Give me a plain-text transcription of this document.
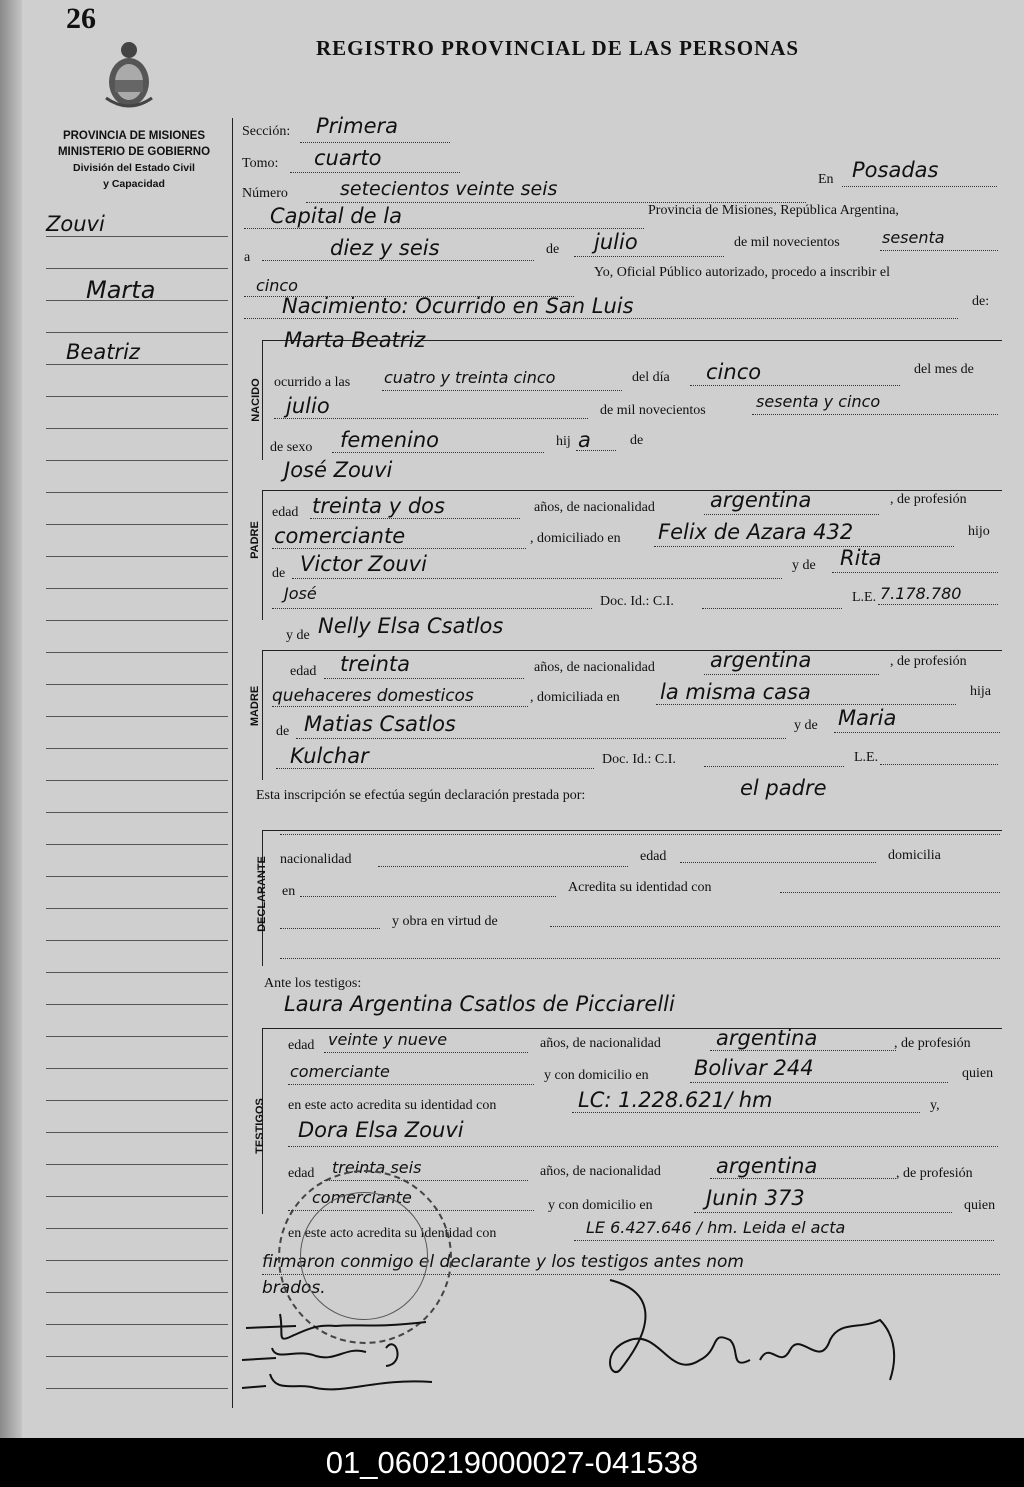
26
REGISTRO PROVINCIAL DE LAS PERSONAS
PROVINCIA DE MISIONES
MINISTERIO DE GOBIERNO
División del Estado Civil
y Capacidad
Zouvi
Marta
Beatriz
Sección: Primera
Tomo: cuarto
Número	setecientos veinte seis	En Posadas
Capital de la	Provincia de Misiones, República Argentina,
a	diez y seis	de julio	de mil novecientos	sesenta
cinco
Yo, Oficial Público autorizado, procedo a inscribir el
Nacimiento: Ocurrido en San Luis	de:
NACIDO
Marta Beatriz
ocurrido a las cuatro y treinta cinco	del día cinco	del mes de
julio	de mil novecientos	sesenta y cinco
de sexo femenino	hij a	de
PADRE
José Zouvi
edad treinta y dos	años, de nacionalidad	argentina	, de profesión
comerciante	, domiciliado en Felix de Azara 432	hijo
de Victor Zouvi	y de Rita
José	Doc. Id.: C.I.	L.E. 7.178.780
MADRE
y de Nelly Elsa Csatlos
edad treinta	años, de nacionalidad	argentina	, de profesión
quehaceres domesticos	, domiciliada en la misma casa	hija
de Matias Csatlos	y de Maria
Kulchar	Doc. Id.: C.I.	L.E.
Esta inscripción se efectúa según declaración prestada por:	el padre
DECLARANTE nacionalidad	edad	domicilia
en	Acredita su identidad con
y obra en virtud de
Ante los testigos:
TESTIGOS
Laura Argentina Csatlos de Picciarelli
edad veinte y nueve	años, de nacionalidad	argentina	, de profesión
comerciante	y con domicilio en Bolivar 244	quien
en este acto acredita su identidad con	LC: 1.228.621/ hm	y,
Dora Elsa Zouvi
edad treinta seis	años, de nacionalidad	argentina	, de profesión
comerciante	y con domicilio en	Junin 373	quien
en este acto acredita su identidad con	LE 6.427.646 / hm. Leida el acta
firmaron conmigo el declarante y los testigos antes nom
brados.
01_060219000027-041538
